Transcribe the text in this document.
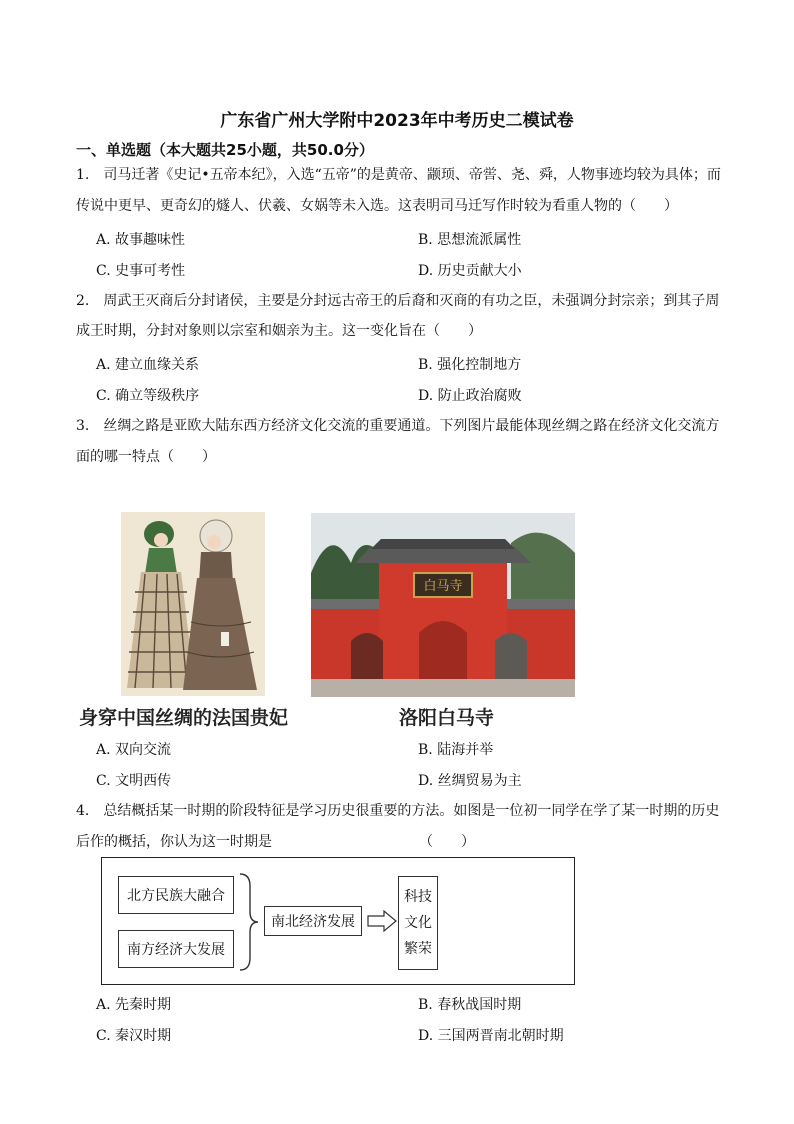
广东省广州大学附中2023年中考历史二模试卷
一、单选题（本大题共25小题，共50.0分）
1.　司马迁著《史记•五帝本纪》，入选“五帝”的是黄帝、颛顼、帝喾、尧、舜，人物事迹均较为具体；而
传说中更早、更奇幻的燧人、伏羲、女娲等未入选。这表明司马迁写作时较为看重人物的（　　）
A. 故事趣味性	B. 思想流派属性
C. 史事可考性	D. 历史贡献大小
2.　周武王灭商后分封诸侯，主要是分封远古帝王的后裔和灭商的有功之臣，未强调分封宗亲；到其子周
成王时期，分封对象则以宗室和姻亲为主。这一变化旨在（　　）
A. 建立血缘关系	B. 强化控制地方
C. 确立等级秩序	D. 防止政治腐败
3.　丝绸之路是亚欧大陆东西方经济文化交流的重要通道。下列图片最能体现丝绸之路在经济文化交流方
面的哪一特点（　　）
白马寺
身穿中国丝绸的法国贵妃	洛阳白马寺
A. 双向交流	B. 陆海并举
C. 文明西传	D. 丝绸贸易为主
4.　总结概括某一时期的阶段特征是学习历史很重要的方法。如图是一位初一同学在学了某一时期的历史
后作的概括，你认为这一时期是　　　　　　　　　　　（　　）
北方民族大融合
南方经济大发展
南北经济发展
科技
文化
繁荣
A. 先秦时期	B. 春秋战国时期
C. 秦汉时期	D. 三国两晋南北朝时期
